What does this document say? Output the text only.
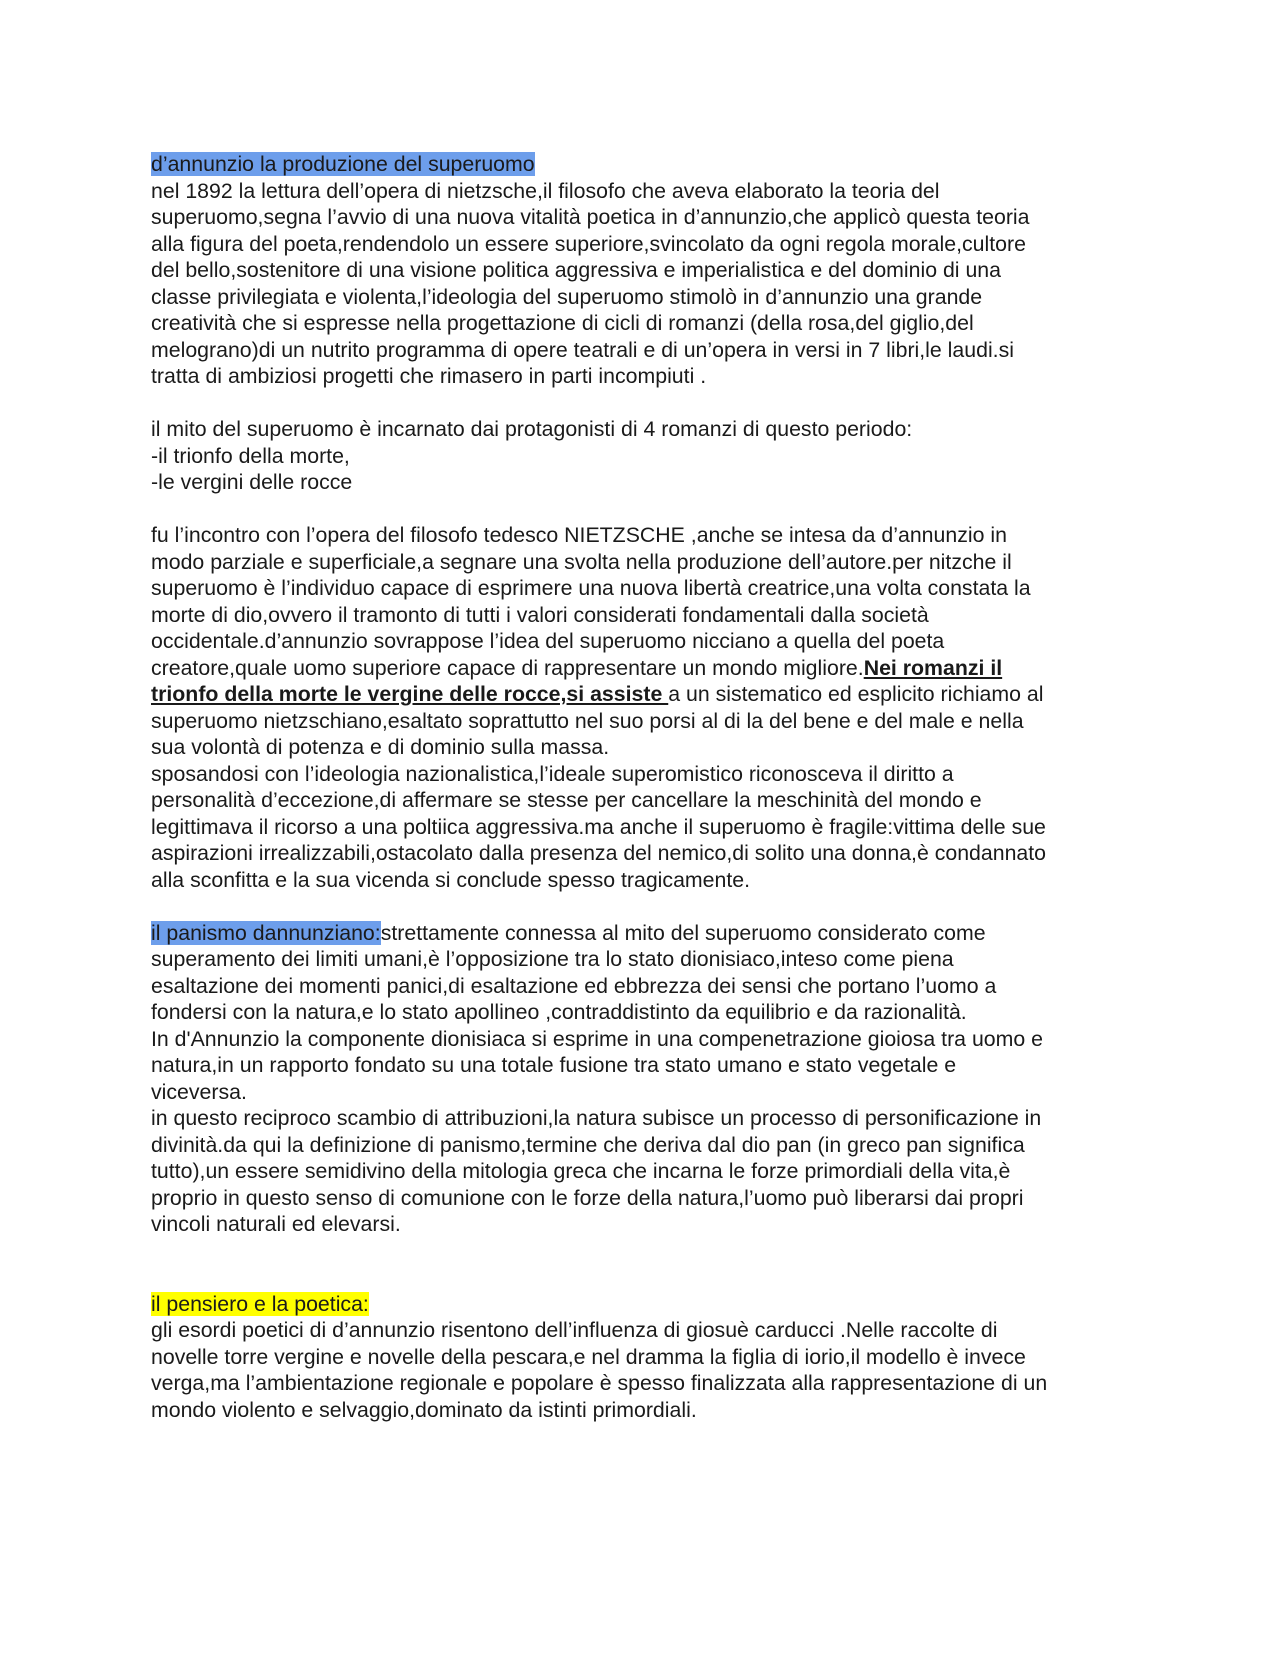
d’annunzio la produzione del superuomo
nel 1892 la lettura dell’opera di nietzsche,il filosofo che aveva elaborato la teoria del
superuomo,segna l’avvio di una nuova vitalità poetica in d’annunzio,che applicò questa teoria
alla figura del poeta,rendendolo un essere superiore,svincolato da ogni regola morale,cultore
del bello,sostenitore di una visione politica aggressiva e imperialistica e del dominio di una
classe privilegiata e violenta,l’ideologia del superuomo stimolò in d’annunzio una grande
creatività che si espresse nella progettazione di cicli di romanzi (della rosa,del giglio,del
melograno)di un nutrito programma di opere teatrali e di un’opera in versi in 7 libri,le laudi.si
tratta di ambiziosi progetti che rimasero in parti incompiuti .
il mito del superuomo è incarnato dai protagonisti di 4 romanzi di questo periodo:
-il trionfo della morte,
-le vergini delle rocce
fu l’incontro con l’opera del filosofo tedesco NIETZSCHE ,anche se intesa da d’annunzio in
modo parziale e superficiale,a segnare una svolta nella produzione dell’autore.per nitzche il
superuomo è l’individuo capace di esprimere una nuova libertà creatrice,una volta constata la
morte di dio,ovvero il tramonto di tutti i valori considerati fondamentali dalla società
occidentale.d’annunzio sovrappose l’idea del superuomo nicciano a quella del poeta
creatore,quale uomo superiore capace di rappresentare un mondo migliore.Nei romanzi il
trionfo della morte le vergine delle rocce,si assiste a un sistematico ed esplicito richiamo al
superuomo nietzschiano,esaltato soprattutto nel suo porsi al di la del bene e del male e nella
sua volontà di potenza e di dominio sulla massa.
sposandosi con l’ideologia nazionalistica,l’ideale superomistico riconosceva il diritto a
personalità d’eccezione,di affermare se stesse per cancellare la meschinità del mondo e
legittimava il ricorso a una poltiica aggressiva.ma anche il superuomo è fragile:vittima delle sue
aspirazioni irrealizzabili,ostacolato dalla presenza del nemico,di solito una donna,è condannato
alla sconfitta e la sua vicenda si conclude spesso tragicamente.
il panismo dannunziano:strettamente connessa al mito del superuomo considerato come
superamento dei limiti umani,è l’opposizione tra lo stato dionisiaco,inteso come piena
esaltazione dei momenti panici,di esaltazione ed ebbrezza dei sensi che portano l’uomo a
fondersi con la natura,e lo stato apollineo ,contraddistinto da equilibrio e da razionalità.
In d'Annunzio la componente dionisiaca si esprime in una compenetrazione gioiosa tra uomo e
natura,in un rapporto fondato su una totale fusione tra stato umano e stato vegetale e
viceversa.
in questo reciproco scambio di attribuzioni,la natura subisce un processo di personificazione in
divinità.da qui la definizione di panismo,termine che deriva dal dio pan (in greco pan significa
tutto),un essere semidivino della mitologia greca che incarna le forze primordiali della vita,è
proprio in questo senso di comunione con le forze della natura,l’uomo può liberarsi dai propri
vincoli naturali ed elevarsi.
il pensiero e la poetica:
gli esordi poetici di d’annunzio risentono dell’influenza di giosuè carducci .Nelle raccolte di
novelle torre vergine e novelle della pescara,e nel dramma la figlia di iorio,il modello è invece
verga,ma l’ambientazione regionale e popolare è spesso finalizzata alla rappresentazione di un
mondo violento e selvaggio,dominato da istinti primordiali.
